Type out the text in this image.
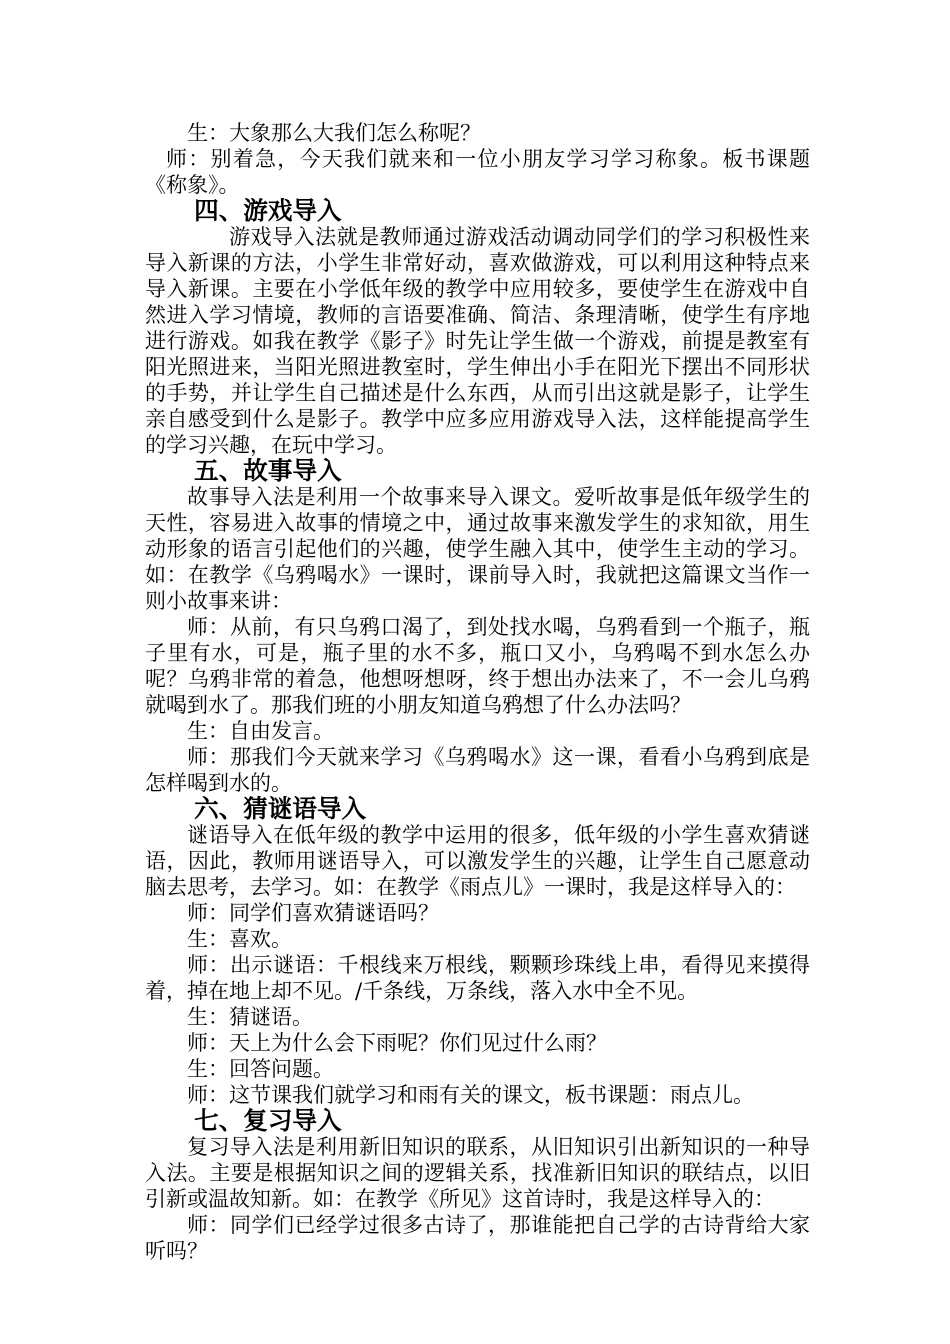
生：大象那么大我们怎么称呢？

师：别着急，今天我们就来和一位小朋友学习学习称象。板书课题《称象》。

四、游戏导入

游戏导入法就是教师通过游戏活动调动同学们的学习积极性来导入新课的方法，小学生非常好动，喜欢做游戏，可以利用这种特点来导入新课。主要在小学低年级的教学中应用较多，要使学生在游戏中自然进入学习情境，教师的言语要准确、简洁、条理清晰，使学生有序地进行游戏。如我在教学《影子》时先让学生做一个游戏，前提是教室有阳光照进来，当阳光照进教室时，学生伸出小手在阳光下摆出不同形状的手势，并让学生自己描述是什么东西，从而引出这就是影子，让学生亲自感受到什么是影子。教学中应多应用游戏导入法，这样能提高学生的学习兴趣，在玩中学习。

五、故事导入

故事导入法是利用一个故事来导入课文。爱听故事是低年级学生的天性，容易进入故事的情境之中，通过故事来激发学生的求知欲，用生动形象的语言引起他们的兴趣，使学生融入其中，使学生主动的学习。如：在教学《乌鸦喝水》一课时，课前导入时，我就把这篇课文当作一则小故事来讲：

师：从前，有只乌鸦口渴了，到处找水喝，乌鸦看到一个瓶子，瓶子里有水，可是，瓶子里的水不多，瓶口又小，乌鸦喝不到水怎么办呢？乌鸦非常的着急，他想呀想呀，终于想出办法来了，不一会儿乌鸦就喝到水了。那我们班的小朋友知道乌鸦想了什么办法吗？

生：自由发言。

师：那我们今天就来学习《乌鸦喝水》这一课，看看小乌鸦到底是怎样喝到水的。

六、猜谜语导入

谜语导入在低年级的教学中运用的很多，低年级的小学生喜欢猜谜语，因此，教师用谜语导入，可以激发学生的兴趣，让学生自己愿意动脑去思考，去学习。如：在教学《雨点儿》一课时，我是这样导入的：

师：同学们喜欢猜谜语吗？

生：喜欢。

师：出示谜语：千根线来万根线，颗颗珍珠线上串，看得见来摸得着，掉在地上却不见。/千条线，万条线，落入水中全不见。

生：猜谜语。

师：天上为什么会下雨呢？你们见过什么雨？

生：回答问题。

师：这节课我们就学习和雨有关的课文，板书课题：雨点儿。

七、复习导入

复习导入法是利用新旧知识的联系，从旧知识引出新知识的一种导入法。主要是根据知识之间的逻辑关系，找准新旧知识的联结点，以旧引新或温故知新。如：在教学《所见》这首诗时，我是这样导入的：

师：同学们已经学过很多古诗了，那谁能把自己学的古诗背给大家听吗？
